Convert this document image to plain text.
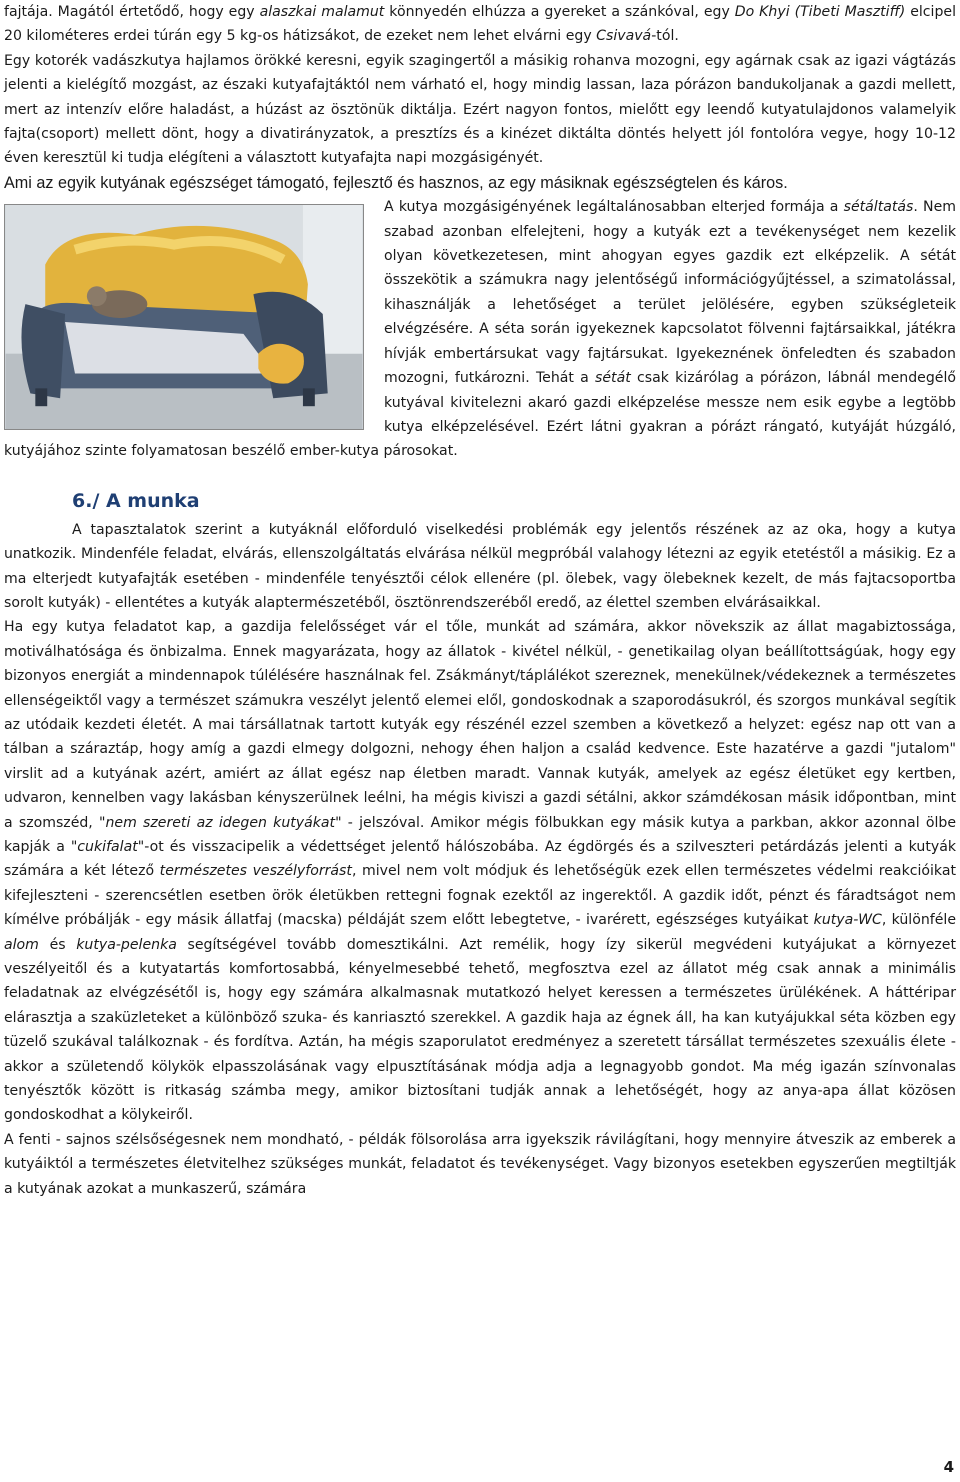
fajtája. Magától értetődő, hogy egy alaszkai malamut könnyedén elhúzza a gyereket a szánkóval, egy Do Khyi (Tibeti Masztiff) elcipel 20 kilométeres erdei túrán egy 5 kg-os hátizsákot, de ezeket nem lehet elvárni egy Csivavá-tól.

Egy kotorék vadászkutya hajlamos örökké keresni, egyik szagingertől a másikig rohanva mozogni, egy agárnak csak az igazi vágtázás jelenti a kielégítő mozgást, az északi kutyafajtáktól nem várható el, hogy mindig lassan, laza pórázon bandukoljanak a gazdi mellett, mert az intenzív előre haladást, a húzást az ösztönük diktálja. Ezért nagyon fontos, mielőtt egy leendő kutyatulajdonos valamelyik fajta(csoport) mellett dönt, hogy a divatirányzatok, a presztízs és a kinézet diktálta döntés helyett jól fontolóra vegye, hogy 10-12 éven keresztül ki tudja elégíteni a választott kutyafajta napi mozgásigényét.

Ami az egyik kutyának egészséget támogató, fejlesztő és hasznos, az egy másiknak egészségtelen és káros.

A kutya mozgásigényének legáltalánosabban elterjed formája a sétáltatás. Nem szabad azonban elfelejteni, hogy a kutyák ezt a tevékenységet nem kezelik olyan következetesen, mint ahogyan egyes gazdik ezt elképzelik. A sétát összekötik a számukra nagy jelentőségű információgyűjtéssel, a szimatolással, kihasználják a lehetőséget a terület jelölésére, egyben szükségleteik elvégzésére. A séta során igyekeznek kapcsolatot fölvenni fajtársaikkal, játékra hívják embertársukat vagy fajtársukat. Igyekeznének önfeledten és szabadon mozogni, futkározni. Tehát a sétát csak kizárólag a pórázon, lábnál mendegélő kutyával kivitelezni akaró gazdi elképzelése messze nem esik egybe a legtöbb kutya elképzelésével. Ezért látni gyakran a pórázt rángató, kutyáját húzgáló, kutyájához szinte folyamatosan beszélő ember-kutya párosokat.

6./ A munka

A tapasztalatok szerint a kutyáknál előforduló viselkedési problémák egy jelentős részének az az oka, hogy a kutya unatkozik. Mindenféle feladat, elvárás, ellenszolgáltatás elvárása nélkül megpróbál valahogy létezni az egyik etetéstől a másikig. Ez a ma elterjedt kutyafajták esetében - mindenféle tenyésztői célok ellenére (pl. ölebek, vagy ölebeknek kezelt, de más fajtacsoportba sorolt kutyák) - ellentétes a kutyák alaptermészetéből, ösztönrendszeréből eredő, az élettel szemben elvárásaikkal.

Ha egy kutya feladatot kap, a gazdija felelősséget vár el tőle, munkát ad számára, akkor növekszik az állat magabiztossága, motiválhatósága és önbizalma. Ennek magyarázata, hogy az állatok - kivétel nélkül, - genetikailag olyan beállítottságúak, hogy egy bizonyos energiát a mindennapok túlélésére használnak fel. Zsákmányt/táplálékot szereznek, menekülnek/védekeznek a természetes ellenségeiktől vagy a természet számukra veszélyt jelentő elemei elől, gondoskodnak a szaporodásukról, és szorgos munkával segítik az utódaik kezdeti életét. A mai társállatnak tartott kutyák egy részénél ezzel szemben a következő a helyzet: egész nap ott van a tálban a száraztáp, hogy amíg a gazdi elmegy dolgozni, nehogy éhen haljon a család kedvence. Este hazatérve a gazdi "jutalom" virslit ad a kutyának azért, amiért az állat egész nap életben maradt. Vannak kutyák, amelyek az egész életüket egy kertben, udvaron, kennelben vagy lakásban kényszerülnek leélni, ha mégis kiviszi a gazdi sétálni, akkor számdékosan másik időpontban, mint a szomszéd, "nem szereti az idegen kutyákat" - jelszóval. Amikor mégis fölbukkan egy másik kutya a parkban, akkor azonnal ölbe kapják a "cukifalat"-ot és visszacipelik a védettséget jelentő hálószobába. Az égdörgés és a szilveszteri petárdázás jelenti a kutyák számára a két létező természetes veszélyforrást, mivel nem volt módjuk és lehetőségük ezek ellen természetes védelmi reakcióikat kifejleszteni - szerencsétlen esetben örök életükben rettegni fognak ezektől az ingerektől. A gazdik időt, pénzt és fáradtságot nem kímélve próbálják - egy másik állatfaj (macska) példáját szem előtt lebegtetve, - ivarérett, egészséges kutyáikat kutya-WC, különféle alom és kutya-pelenka segítségével tovább domesztikálni. Azt remélik, hogy ízy sikerül megvédeni kutyájukat a környezet veszélyeitől és a kutyatartás komfortosabbá, kényelmesebbé tehető, megfosztva ezel az állatot még csak annak a minimális feladatnak az elvégzésétől is, hogy egy számára alkalmasnak mutatkozó helyet keressen a természetes ürülékének. A háttéripar elárasztja a szaküzleteket a különböző szuka- és kanriasztó szerekkel. A gazdik haja az égnek áll, ha kan kutyájukkal séta közben egy tüzelő szukával találkoznak - és fordítva. Aztán, ha mégis szaporulatot eredményez a szeretett társállat természetes szexuális élete - akkor a születendő kölykök elpasszolásának vagy elpusztításának módja adja a legnagyobb gondot. Ma még igazán színvonalas tenyésztők között is ritkaság számba megy, amikor biztosítani tudják annak a lehetőségét, hogy az anya-apa állat közösen gondoskodhat a kölykeiről.

A fenti - sajnos szélsőségesnek nem mondható, - példák fölsorolása arra igyekszik rávilágítani, hogy mennyire átveszik az emberek a kutyáiktól a természetes életvitelhez szükséges munkát, feladatot és tevékenységet. Vagy bizonyos esetekben egyszerűen megtiltják a kutyának azokat a munkaszerű, számára

4
